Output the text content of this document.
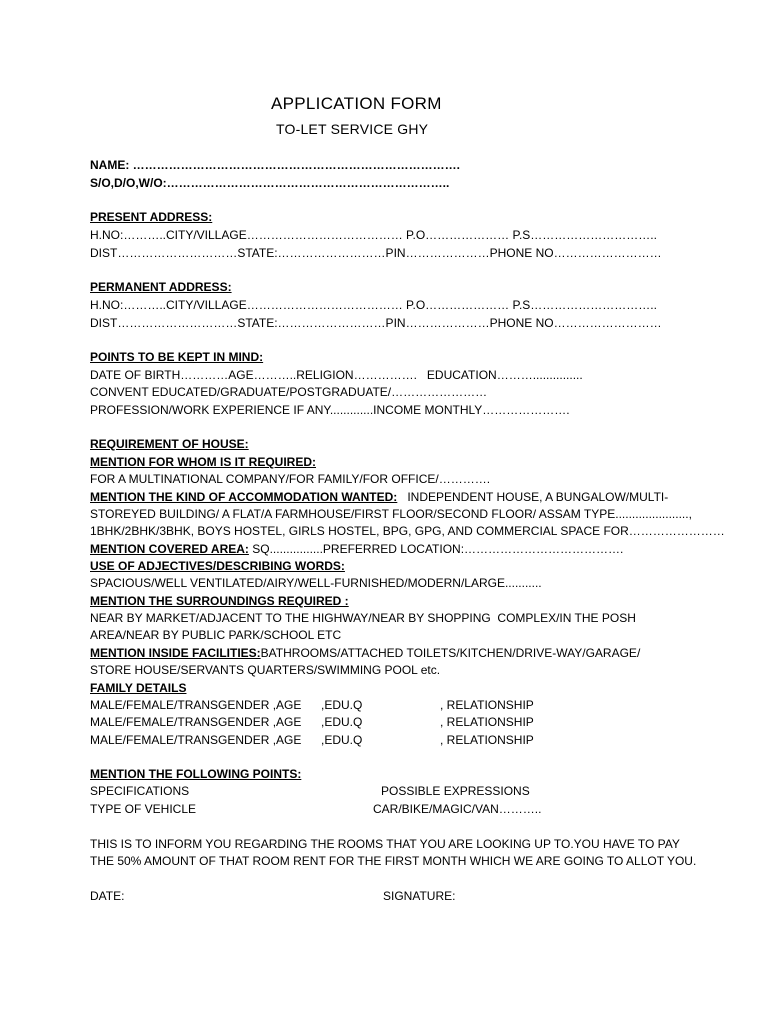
APPLICATION FORM
TO-LET SERVICE GHY
NAME: ……………………………………………………………………….
S/O,D/O,W/O:……………………………………………………………..
PRESENT ADDRESS:
H.NO:………..CITY/VILLAGE………………………………… P.O………………… P.S…………………………..
DIST…………………………STATE:………………………PIN…………………PHONE NO………………………
PERMANENT ADDRESS:
H.NO:………..CITY/VILLAGE………………………………… P.O………………… P.S…………………………..
DIST…………………………STATE:………………………PIN…………………PHONE NO………………………
POINTS TO BE KEPT IN MIND:
DATE OF BIRTH…………AGE………..RELIGION…………….   EDUCATION………...............
CONVENT EDUCATED/GRADUATE/POSTGRADUATE/……………………
PROFESSION/WORK EXPERIENCE IF ANY.............INCOME MONTHLY………………….
REQUIREMENT OF HOUSE:
MENTION FOR WHOM IS IT REQUIRED:
FOR A MULTINATIONAL COMPANY/FOR FAMILY/FOR OFFICE/………….
MENTION THE KIND OF ACCOMMODATION WANTED:   INDEPENDENT HOUSE, A BUNGALOW/MULTI-
STOREYED BUILDING/ A FLAT/A FARMHOUSE/FIRST FLOOR/SECOND FLOOR/ ASSAM TYPE......................,
1BHK/2BHK/3BHK, BOYS HOSTEL, GIRLS HOSTEL, BPG, GPG, AND COMMERCIAL SPACE FOR……………………
MENTION COVERED AREA: SQ................PREFERRED LOCATION:………………………………….
USE OF ADJECTIVES/DESCRIBING WORDS:
SPACIOUS/WELL VENTILATED/AIRY/WELL-FURNISHED/MODERN/LARGE...........
MENTION THE SURROUNDINGS REQUIRED :
NEAR BY MARKET/ADJACENT TO THE HIGHWAY/NEAR BY SHOPPING  COMPLEX/IN THE POSH
AREA/NEAR BY PUBLIC PARK/SCHOOL ETC
MENTION INSIDE FACILITIES:BATHROOMS/ATTACHED TOILETS/KITCHEN/DRIVE-WAY/GARAGE/
STORE HOUSE/SERVANTS QUARTERS/SWIMMING POOL etc.
FAMILY DETAILS
MALE/FEMALE/TRANSGENDER ,AGE ,EDU.Q	, RELATIONSHIP
MALE/FEMALE/TRANSGENDER ,AGE ,EDU.Q	, RELATIONSHIP
MALE/FEMALE/TRANSGENDER ,AGE ,EDU.Q	, RELATIONSHIP
MENTION THE FOLLOWING POINTS:
SPECIFICATIONS	POSSIBLE EXPRESSIONS
TYPE OF VEHICLE	CAR/BIKE/MAGIC/VAN………..
THIS IS TO INFORM YOU REGARDING THE ROOMS THAT YOU ARE LOOKING UP TO.YOU HAVE TO PAY
THE 50% AMOUNT OF THAT ROOM RENT FOR THE FIRST MONTH WHICH WE ARE GOING TO ALLOT YOU.
DATE:	SIGNATURE:
